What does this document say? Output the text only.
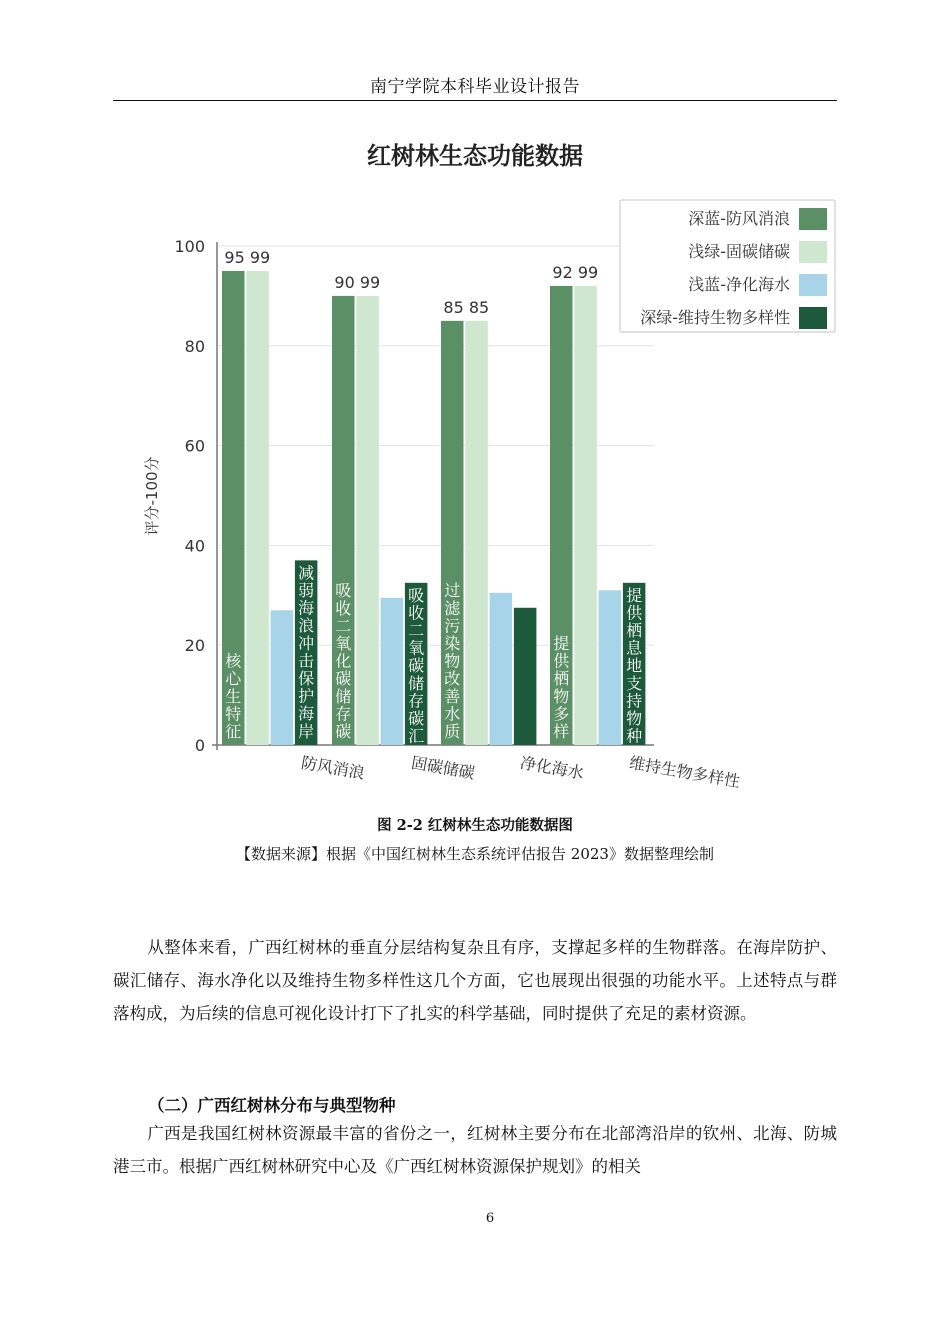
南宁学院本科毕业设计报告
红树林生态功能数据
0
20
40
60
80
100
核心生特征
减弱海浪冲击保护海岸
95 99
防风消浪
吸收二氧化碳储存碳
吸收二氧碳储存碳汇
90 99
固碳储碳
过滤污染物改善水质
85 85
净化海水
提供栖物多样
提供栖息地支持物种
92 99
维持生物多样性
评分-100分
深蓝-防风消浪
浅绿-固碳储碳
浅蓝-净化海水
深绿-维持生物多样性
图 2-2 红树林生态功能数据图
【数据来源】根据《中国红树林生态系统评估报告 2023》数据整理绘制

从整体来看，广西红树林的垂直分层结构复杂且有序，支撑起多样的生物群落。在海岸防护、碳汇储存、海水净化以及维持生物多样性这几个方面，它也展现出很强的功能水平。上述特点与群落构成，为后续的信息可视化设计打下了扎实的科学基础，同时提供了充足的素材资源。

（二）广西红树林分布与典型物种

广西是我国红树林资源最丰富的省份之一，红树林主要分布在北部湾沿岸的钦州、北海、防城港三市。根据广西红树林研究中心及《广西红树林资源保护规划》的相关

6
